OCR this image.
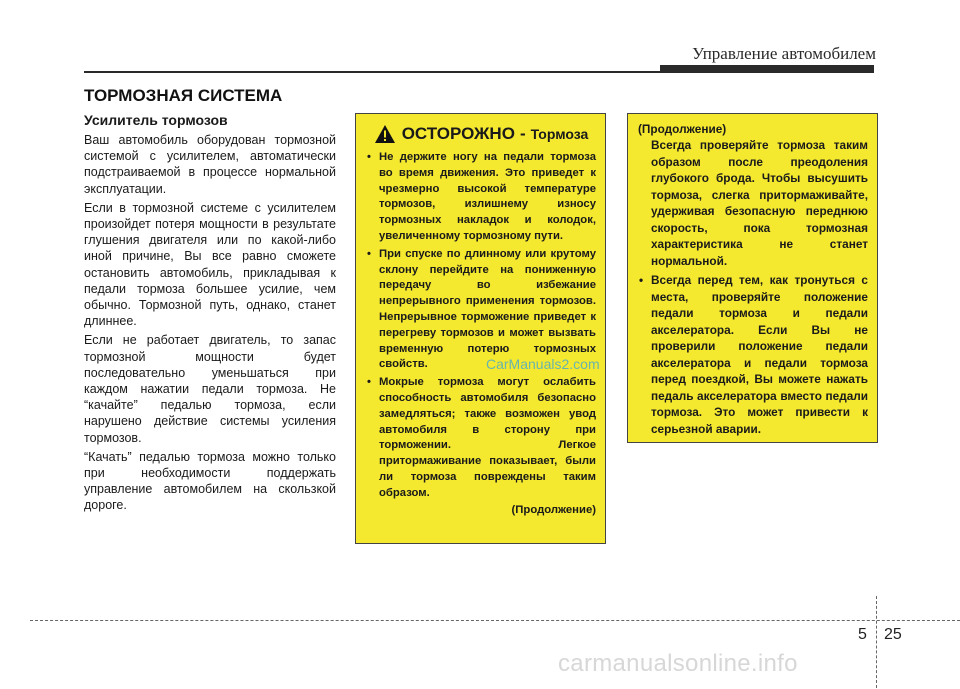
Управление автомобилем
ТОРМОЗНАЯ СИСТЕМА
Усилитель тормозов

Ваш автомобиль оборудован тормозной системой с усилителем, автоматически подстраиваемой в процессе нормальной эксплуатации.

Если в тормозной системе с усилителем произойдет потеря мощности в результате глушения двигателя или по какой-либо иной причине, Вы все равно сможете остановить автомобиль, прикладывая к педали тормоза большее усилие, чем обычно. Тормозной путь, однако, станет длиннее.

Если не работает двигатель, то запас тормозной мощности будет последовательно уменьшаться при каждом нажатии педали тормоза. Не “качайте” педалью тормоза, если нарушено действие системы усиления тормозов.

“Качать” педалью тормоза можно только при необходимости поддержать управление автомобилем на скользкой дороге.

ОСТОРОЖНО - Тормоза
• Не держите ногу на педали тормоза во время движения. Это приведет к чрезмерно высокой температуре тормозов, излишнему износу тормозных накладок и колодок, увеличенному тормозному пути.
• При спуске по длинному или крутому склону перейдите на пониженную передачу во избежание непрерывного применения тормозов. Непрерывное торможение приведет к перегреву тормозов и может вызвать временную потерю тормозных свойств.
• Мокрые тормоза могут ослабить способность автомобиля безопасно замедляться; также возможен увод автомобиля в сторону при торможении. Легкое притормаживание показывает, были ли тормоза повреждены таким образом.
(Продолжение)
(Продолжение)
Всегда проверяйте тормоза таким образом после преодоления глубокого брода. Чтобы высушить тормоза, слегка притормаживайте, удерживая безопасную переднюю скорость, пока тормозная характеристика не станет нормальной.
• Всегда перед тем, как тронуться с места, проверяйте положение педали тормоза и педали акселератора. Если Вы не проверили положение педали акселератора и педали тормоза перед поездкой, Вы можете нажать педаль акселератора вместо педали тормоза. Это может привести к серьезной аварии.
CarManuals2.com
5 25
carmanualsonline.info
